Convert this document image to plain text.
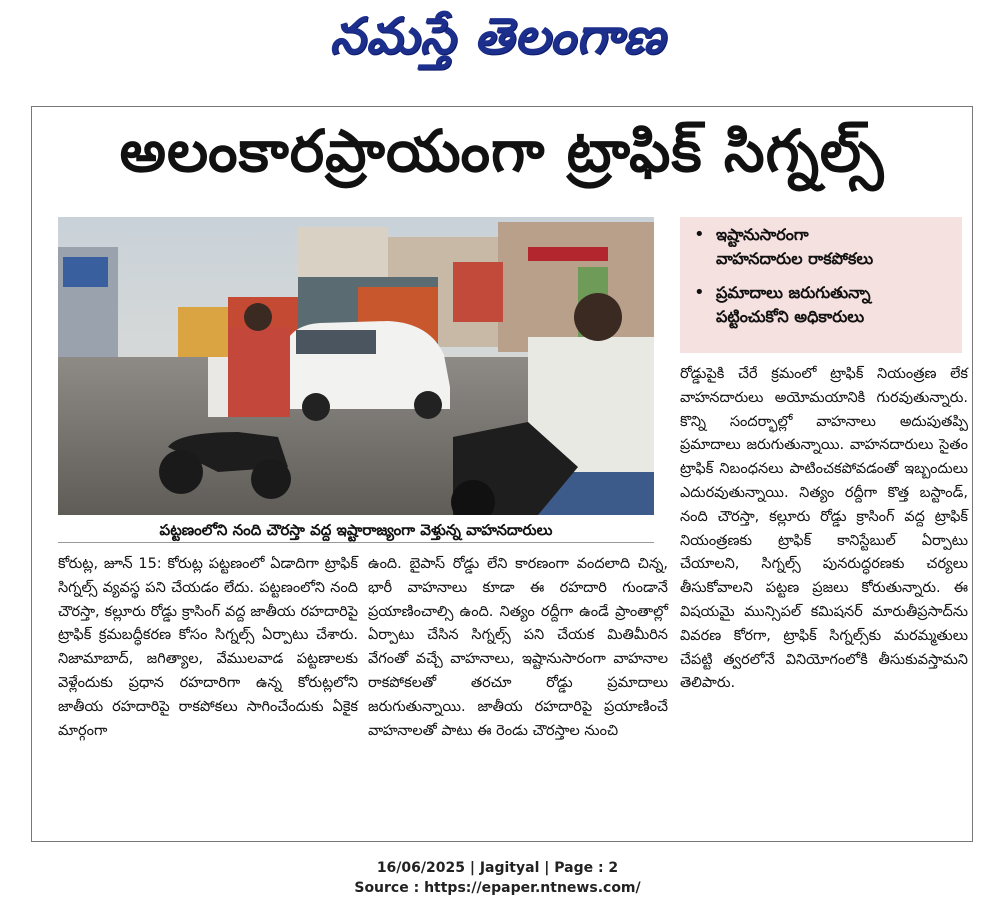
నమస్తే తెలంగాణ
అలంకారప్రాయంగా ట్రాఫిక్ సిగ్నల్స్
పట్టణంలోని నంది చౌరస్తా వద్ద ఇష్టారాజ్యంగా వెళ్తున్న వాహనదారులు
• ఇష్టానుసారంగా
వాహనదారుల రాకపోకలు
• ప్రమాదాలు జరుగుతున్నా
పట్టించుకోని అధికారులు

కోరుట్ల, జూన్ 15: కోరుట్ల పట్టణంలో ఏడాదిగా ట్రాఫిక్ సిగ్నల్స్ వ్యవస్థ పని చేయడం లేదు. పట్టణంలోని నంది చౌరస్తా, కల్లూరు రోడ్డు క్రాసింగ్ వద్ద జాతీయ రహదారిపై ట్రాఫిక్ క్రమబద్ధీకరణ కోసం సిగ్నల్స్ ఏర్పాటు చేశారు. నిజామాబాద్, జగిత్యాల, వేములవాడ పట్టణాలకు వెళ్లేందుకు ప్రధాన రహదారిగా ఉన్న కోరుట్లలోని జాతీయ రహదారిపై రాకపోకలు సాగించేందుకు ఏకైక మార్గంగా

ఉంది. బైపాస్ రోడ్డు లేని కారణంగా వందలాది చిన్న, భారీ వాహనాలు కూడా ఈ రహదారి గుండానే ప్రయాణించాల్సి ఉంది. నిత్యం రద్దీగా ఉండే ప్రాంతాల్లో ఏర్పాటు చేసిన సిగ్నల్స్ పని చేయక మితిమీరిన వేగంతో వచ్చే వాహనాలు, ఇష్టానుసారంగా వాహనాల రాకపోకలతో తరచూ రోడ్డు ప్రమాదాలు జరుగుతున్నాయి. జాతీయ రహదారిపై ప్రయాణించే వాహనాలతో పాటు ఈ రెండు చౌరస్తాల నుంచి

రోడ్డుపైకి చేరే క్రమంలో ట్రాఫిక్ నియంత్రణ లేక వాహనదారులు అయోమయానికి గురవుతున్నారు. కొన్ని సందర్భాల్లో వాహనాలు అదుపుతప్పి ప్రమాదాలు జరుగుతున్నాయి. వాహనదారులు సైతం ట్రాఫిక్ నిబంధనలు పాటించకపోవడంతో ఇబ్బందులు ఎదురవుతున్నాయి. నిత్యం రద్దీగా కొత్త బస్టాండ్, నంది చౌరస్తా, కల్లూరు రోడ్డు క్రాసింగ్ వద్ద ట్రాఫిక్ నియంత్రణకు ట్రాఫిక్ కానిస్టేబుల్ ఏర్పాటు చేయాలని, సిగ్నల్స్ పునరుద్ధరణకు చర్యలు తీసుకోవాలని పట్టణ ప్రజలు కోరుతున్నారు. ఈ విషయమై మున్సిపల్ కమిషనర్ మారుతీప్రసాద్‌ను వివరణ కోరగా, ట్రాఫిక్ సిగ్నల్స్‌కు మరమ్మతులు చేపట్టి త్వరలోనే వినియోగంలోకి తీసుకువస్తామని తెలిపారు.

16/06/2025 | Jagityal | Page : 2
Source : https://epaper.ntnews.com/
